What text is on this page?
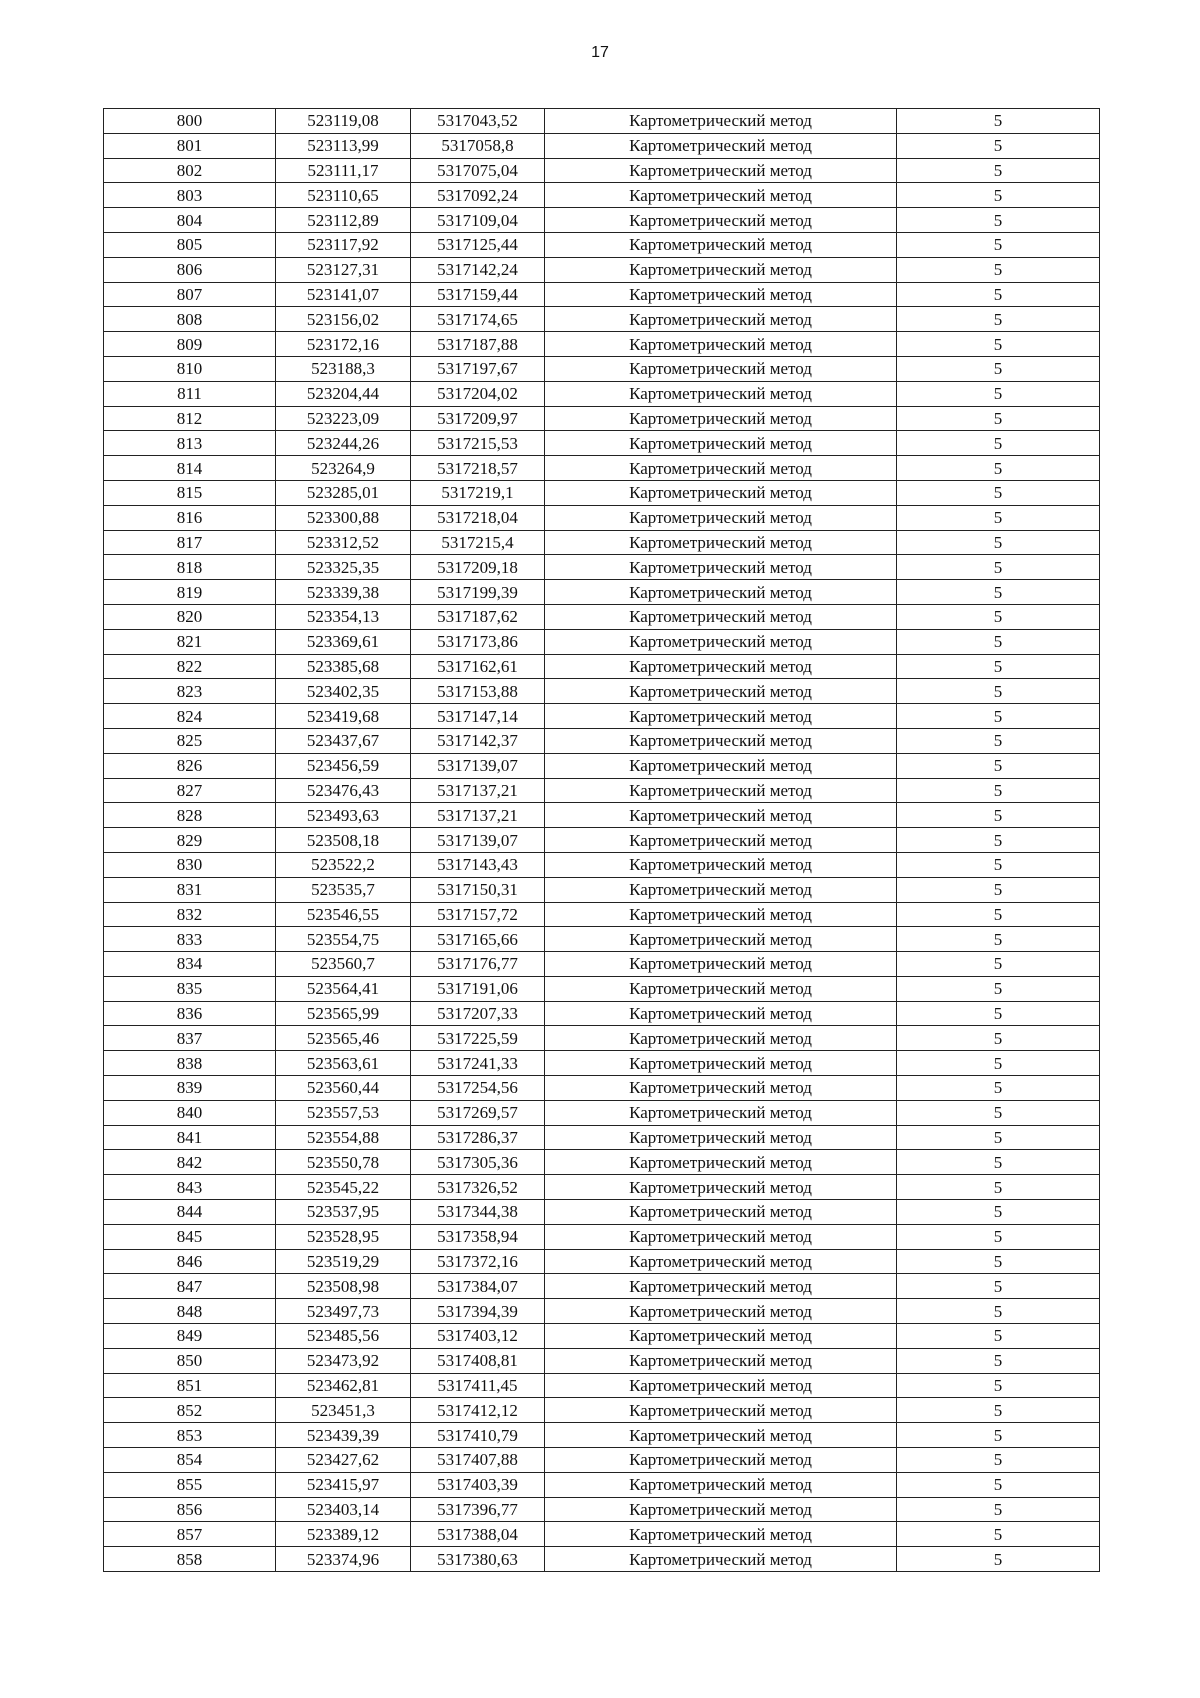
17
800	523119,08	5317043,52	Картометрический метод	5
801	523113,99	5317058,8	Картометрический метод	5
802	523111,17	5317075,04	Картометрический метод	5
803	523110,65	5317092,24	Картометрический метод	5
804	523112,89	5317109,04	Картометрический метод	5
805	523117,92	5317125,44	Картометрический метод	5
806	523127,31	5317142,24	Картометрический метод	5
807	523141,07	5317159,44	Картометрический метод	5
808	523156,02	5317174,65	Картометрический метод	5
809	523172,16	5317187,88	Картометрический метод	5
810	523188,3	5317197,67	Картометрический метод	5
811	523204,44	5317204,02	Картометрический метод	5
812	523223,09	5317209,97	Картометрический метод	5
813	523244,26	5317215,53	Картометрический метод	5
814	523264,9	5317218,57	Картометрический метод	5
815	523285,01	5317219,1	Картометрический метод	5
816	523300,88	5317218,04	Картометрический метод	5
817	523312,52	5317215,4	Картометрический метод	5
818	523325,35	5317209,18	Картометрический метод	5
819	523339,38	5317199,39	Картометрический метод	5
820	523354,13	5317187,62	Картометрический метод	5
821	523369,61	5317173,86	Картометрический метод	5
822	523385,68	5317162,61	Картометрический метод	5
823	523402,35	5317153,88	Картометрический метод	5
824	523419,68	5317147,14	Картометрический метод	5
825	523437,67	5317142,37	Картометрический метод	5
826	523456,59	5317139,07	Картометрический метод	5
827	523476,43	5317137,21	Картометрический метод	5
828	523493,63	5317137,21	Картометрический метод	5
829	523508,18	5317139,07	Картометрический метод	5
830	523522,2	5317143,43	Картометрический метод	5
831	523535,7	5317150,31	Картометрический метод	5
832	523546,55	5317157,72	Картометрический метод	5
833	523554,75	5317165,66	Картометрический метод	5
834	523560,7	5317176,77	Картометрический метод	5
835	523564,41	5317191,06	Картометрический метод	5
836	523565,99	5317207,33	Картометрический метод	5
837	523565,46	5317225,59	Картометрический метод	5
838	523563,61	5317241,33	Картометрический метод	5
839	523560,44	5317254,56	Картометрический метод	5
840	523557,53	5317269,57	Картометрический метод	5
841	523554,88	5317286,37	Картометрический метод	5
842	523550,78	5317305,36	Картометрический метод	5
843	523545,22	5317326,52	Картометрический метод	5
844	523537,95	5317344,38	Картометрический метод	5
845	523528,95	5317358,94	Картометрический метод	5
846	523519,29	5317372,16	Картометрический метод	5
847	523508,98	5317384,07	Картометрический метод	5
848	523497,73	5317394,39	Картометрический метод	5
849	523485,56	5317403,12	Картометрический метод	5
850	523473,92	5317408,81	Картометрический метод	5
851	523462,81	5317411,45	Картометрический метод	5
852	523451,3	5317412,12	Картометрический метод	5
853	523439,39	5317410,79	Картометрический метод	5
854	523427,62	5317407,88	Картометрический метод	5
855	523415,97	5317403,39	Картометрический метод	5
856	523403,14	5317396,77	Картометрический метод	5
857	523389,12	5317388,04	Картометрический метод	5
858	523374,96	5317380,63	Картометрический метод	5
